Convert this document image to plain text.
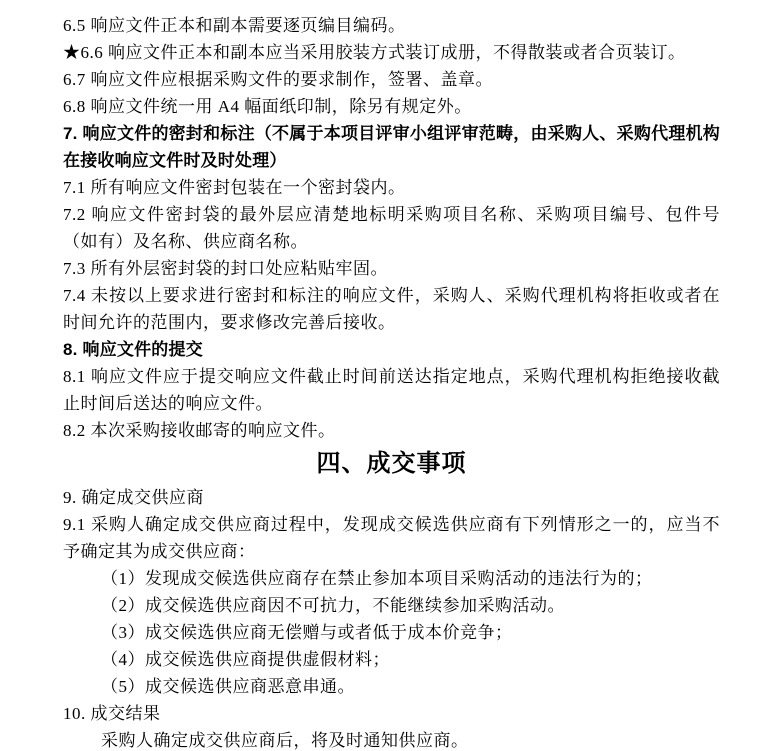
6.5 响应文件正本和副本需要逐页编目编码。

★6.6 响应文件正本和副本应当采用胶装方式装订成册，不得散装或者合页装订。

6.7 响应文件应根据采购文件的要求制作，签署、盖章。

6.8 响应文件统一用 A4 幅面纸印制，除另有规定外。

7. 响应文件的密封和标注（不属于本项目评审小组评审范畴，由采购人、采购代理机构在接收响应文件时及时处理）

7.1 所有响应文件密封包装在一个密封袋内。

7.2 响应文件密封袋的最外层应清楚地标明采购项目名称、采购项目编号、包件号（如有）及名称、供应商名称。

7.3 所有外层密封袋的封口处应粘贴牢固。

7.4 未按以上要求进行密封和标注的响应文件，采购人、采购代理机构将拒收或者在时间允许的范围内，要求修改完善后接收。

8. 响应文件的提交

8.1 响应文件应于提交响应文件截止时间前送达指定地点，采购代理机构拒绝接收截止时间后送达的响应文件。

8.2 本次采购接收邮寄的响应文件。

四、成交事项

9. 确定成交供应商

9.1 采购人确定成交供应商过程中，发现成交候选供应商有下列情形之一的，应当不予确定其为成交供应商：

（1）发现成交候选供应商存在禁止参加本项目采购活动的违法行为的；

（2）成交候选供应商因不可抗力，不能继续参加采购活动。

（3）成交候选供应商无偿赠与或者低于成本价竞争；

（4）成交候选供应商提供虚假材料；

（5）成交候选供应商恶意串通。

10. 成交结果

采购人确定成交供应商后，将及时通知供应商。
